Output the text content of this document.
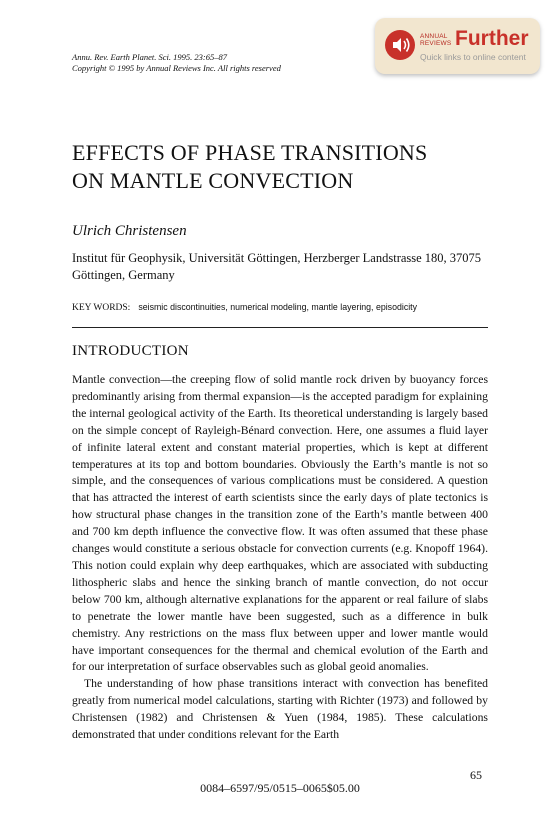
Annu. Rev. Earth Planet. Sci. 1995. 23:65–87
Copyright © 1995 by Annual Reviews Inc. All rights reserved
ANNUAL
REVIEWS Further
Quick links to online content
EFFECTS OF PHASE TRANSITIONS
ON MANTLE CONVECTION
Ulrich Christensen
Institut für Geophysik, Universität Göttingen, Herzberger Landstrasse 180, 37075 Göttingen, Germany
KEY WORDS: seismic discontinuities, numerical modeling, mantle layering, episodicity
INTRODUCTION

Mantle convection—the creeping flow of solid mantle rock driven by buoyancy forces predominantly arising from thermal expansion—is the accepted paradigm for explaining the internal geological activity of the Earth. Its theoretical understanding is largely based on the simple concept of Rayleigh-Bénard convection. Here, one assumes a fluid layer of infinite lateral extent and constant material properties, which is kept at different temperatures at its top and bottom boundaries. Obviously the Earth’s mantle is not so simple, and the consequences of various complications must be considered. A question that has attracted the interest of earth scientists since the early days of plate tectonics is how structural phase changes in the transition zone of the Earth’s mantle between 400 and 700 km depth influence the convective flow. It was often assumed that these phase changes would constitute a serious obstacle for convection currents (e.g. Knopoff 1964). This notion could explain why deep earthquakes, which are associated with subducting lithospheric slabs and hence the sinking branch of mantle convection, do not occur below 700 km, although alternative explanations for the apparent or real failure of slabs to penetrate the lower mantle have been suggested, such as a difference in bulk chemistry. Any restrictions on the mass flux between upper and lower mantle would have important consequences for the thermal and chemical evolution of the Earth and for our interpretation of surface observables such as global geoid anomalies.

The understanding of how phase transitions interact with convection has benefited greatly from numerical model calculations, starting with Richter (1973) and followed by Christensen (1982) and Christensen & Yuen (1984, 1985). These calculations demonstrated that under conditions relevant for the Earth

65
0084–6597/95/0515–0065$05.00
